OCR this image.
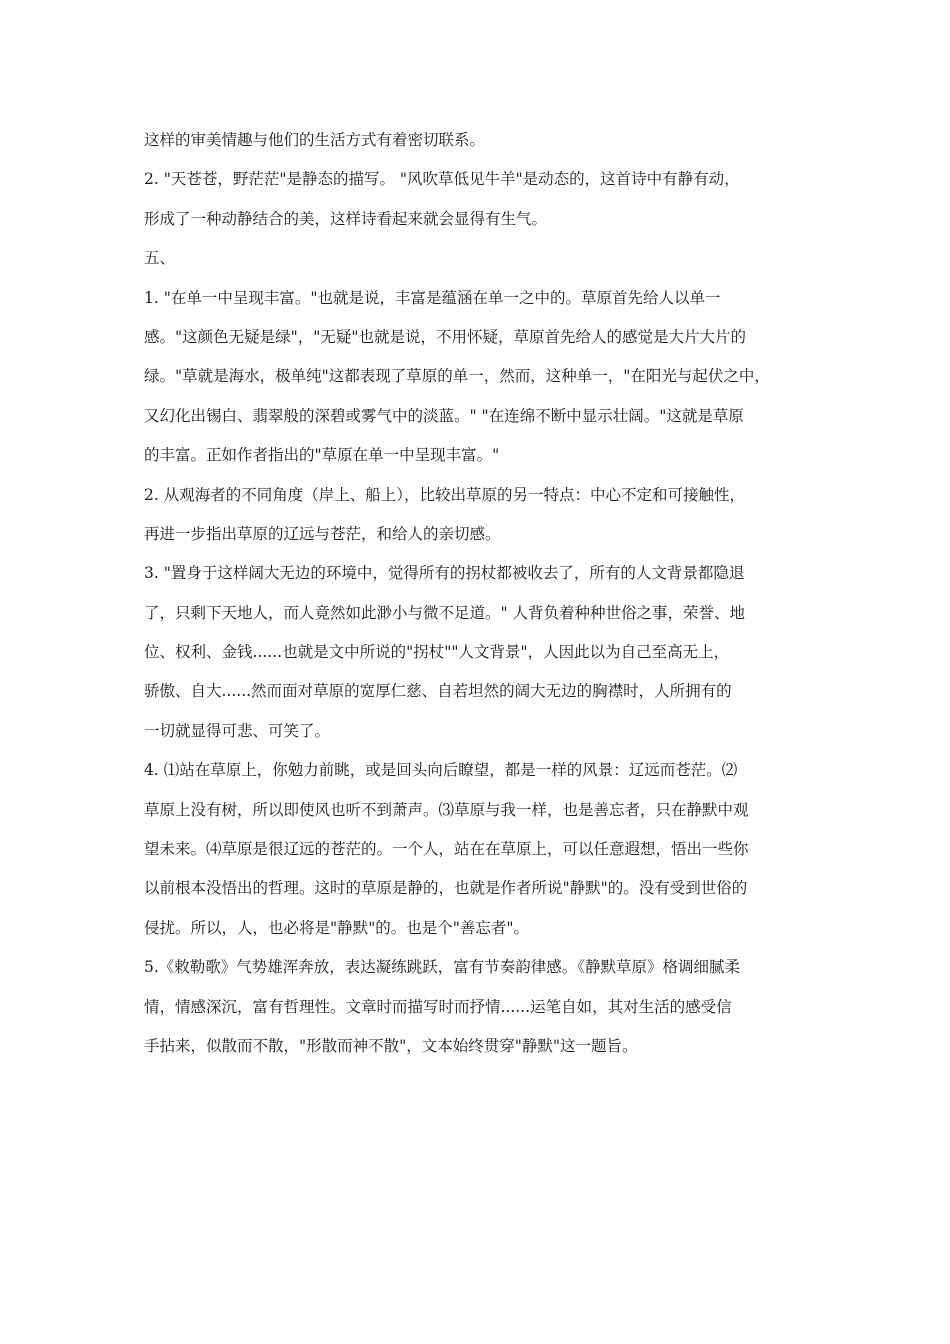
这样的审美情趣与他们的生活方式有着密切联系。
2. "天苍苍，野茫茫"是静态的描写。 "风吹草低见牛羊"是动态的，这首诗中有静有动，
形成了一种动静结合的美，这样诗看起来就会显得有生气。
五、
1. "在单一中呈现丰富。"也就是说，丰富是蕴涵在单一之中的。草原首先给人以单一
感。"这颜色无疑是绿"，"无疑"也就是说，不用怀疑，草原首先给人的感觉是大片大片的
绿。"草就是海水，极单纯"这都表现了草原的单一，然而，这种单一，"在阳光与起伏之中，
又幻化出锡白、翡翠般的深碧或雾气中的淡蓝。" "在连绵不断中显示壮阔。"这就是草原
的丰富。正如作者指出的"草原在单一中呈现丰富。"
2. 从观海者的不同角度（岸上、船上），比较出草原的另一特点：中心不定和可接触性，
再进一步指出草原的辽远与苍茫，和给人的亲切感。
3. "置身于这样阔大无边的环境中，觉得所有的拐杖都被收去了，所有的人文背景都隐退
了，只剩下天地人，而人竟然如此渺小与微不足道。" 人背负着种种世俗之事，荣誉、地
位、权利、金钱......也就是文中所说的"拐杖""人文背景"，人因此以为自己至高无上，
骄傲、自大......然而面对草原的宽厚仁慈、自若坦然的阔大无边的胸襟时，人所拥有的
一切就显得可悲、可笑了。
4. ⑴站在草原上，你勉力前眺，或是回头向后瞭望，都是一样的风景：辽远而苍茫。⑵
草原上没有树，所以即使风也听不到萧声。⑶草原与我一样，也是善忘者，只在静默中观
望未来。⑷草原是很辽远的苍茫的。一个人，站在在草原上，可以任意遐想，悟出一些你
以前根本没悟出的哲理。这时的草原是静的，也就是作者所说"静默"的。没有受到世俗的
侵扰。所以，人，也必将是"静默"的。也是个"善忘者"。
5.《敕勒歌》气势雄浑奔放，表达凝练跳跃，富有节奏韵律感。《静默草原》格调细腻柔
情，情感深沉，富有哲理性。文章时而描写时而抒情......运笔自如，其对生活的感受信
手拈来，似散而不散，"形散而神不散"，文本始终贯穿"静默"这一题旨。
